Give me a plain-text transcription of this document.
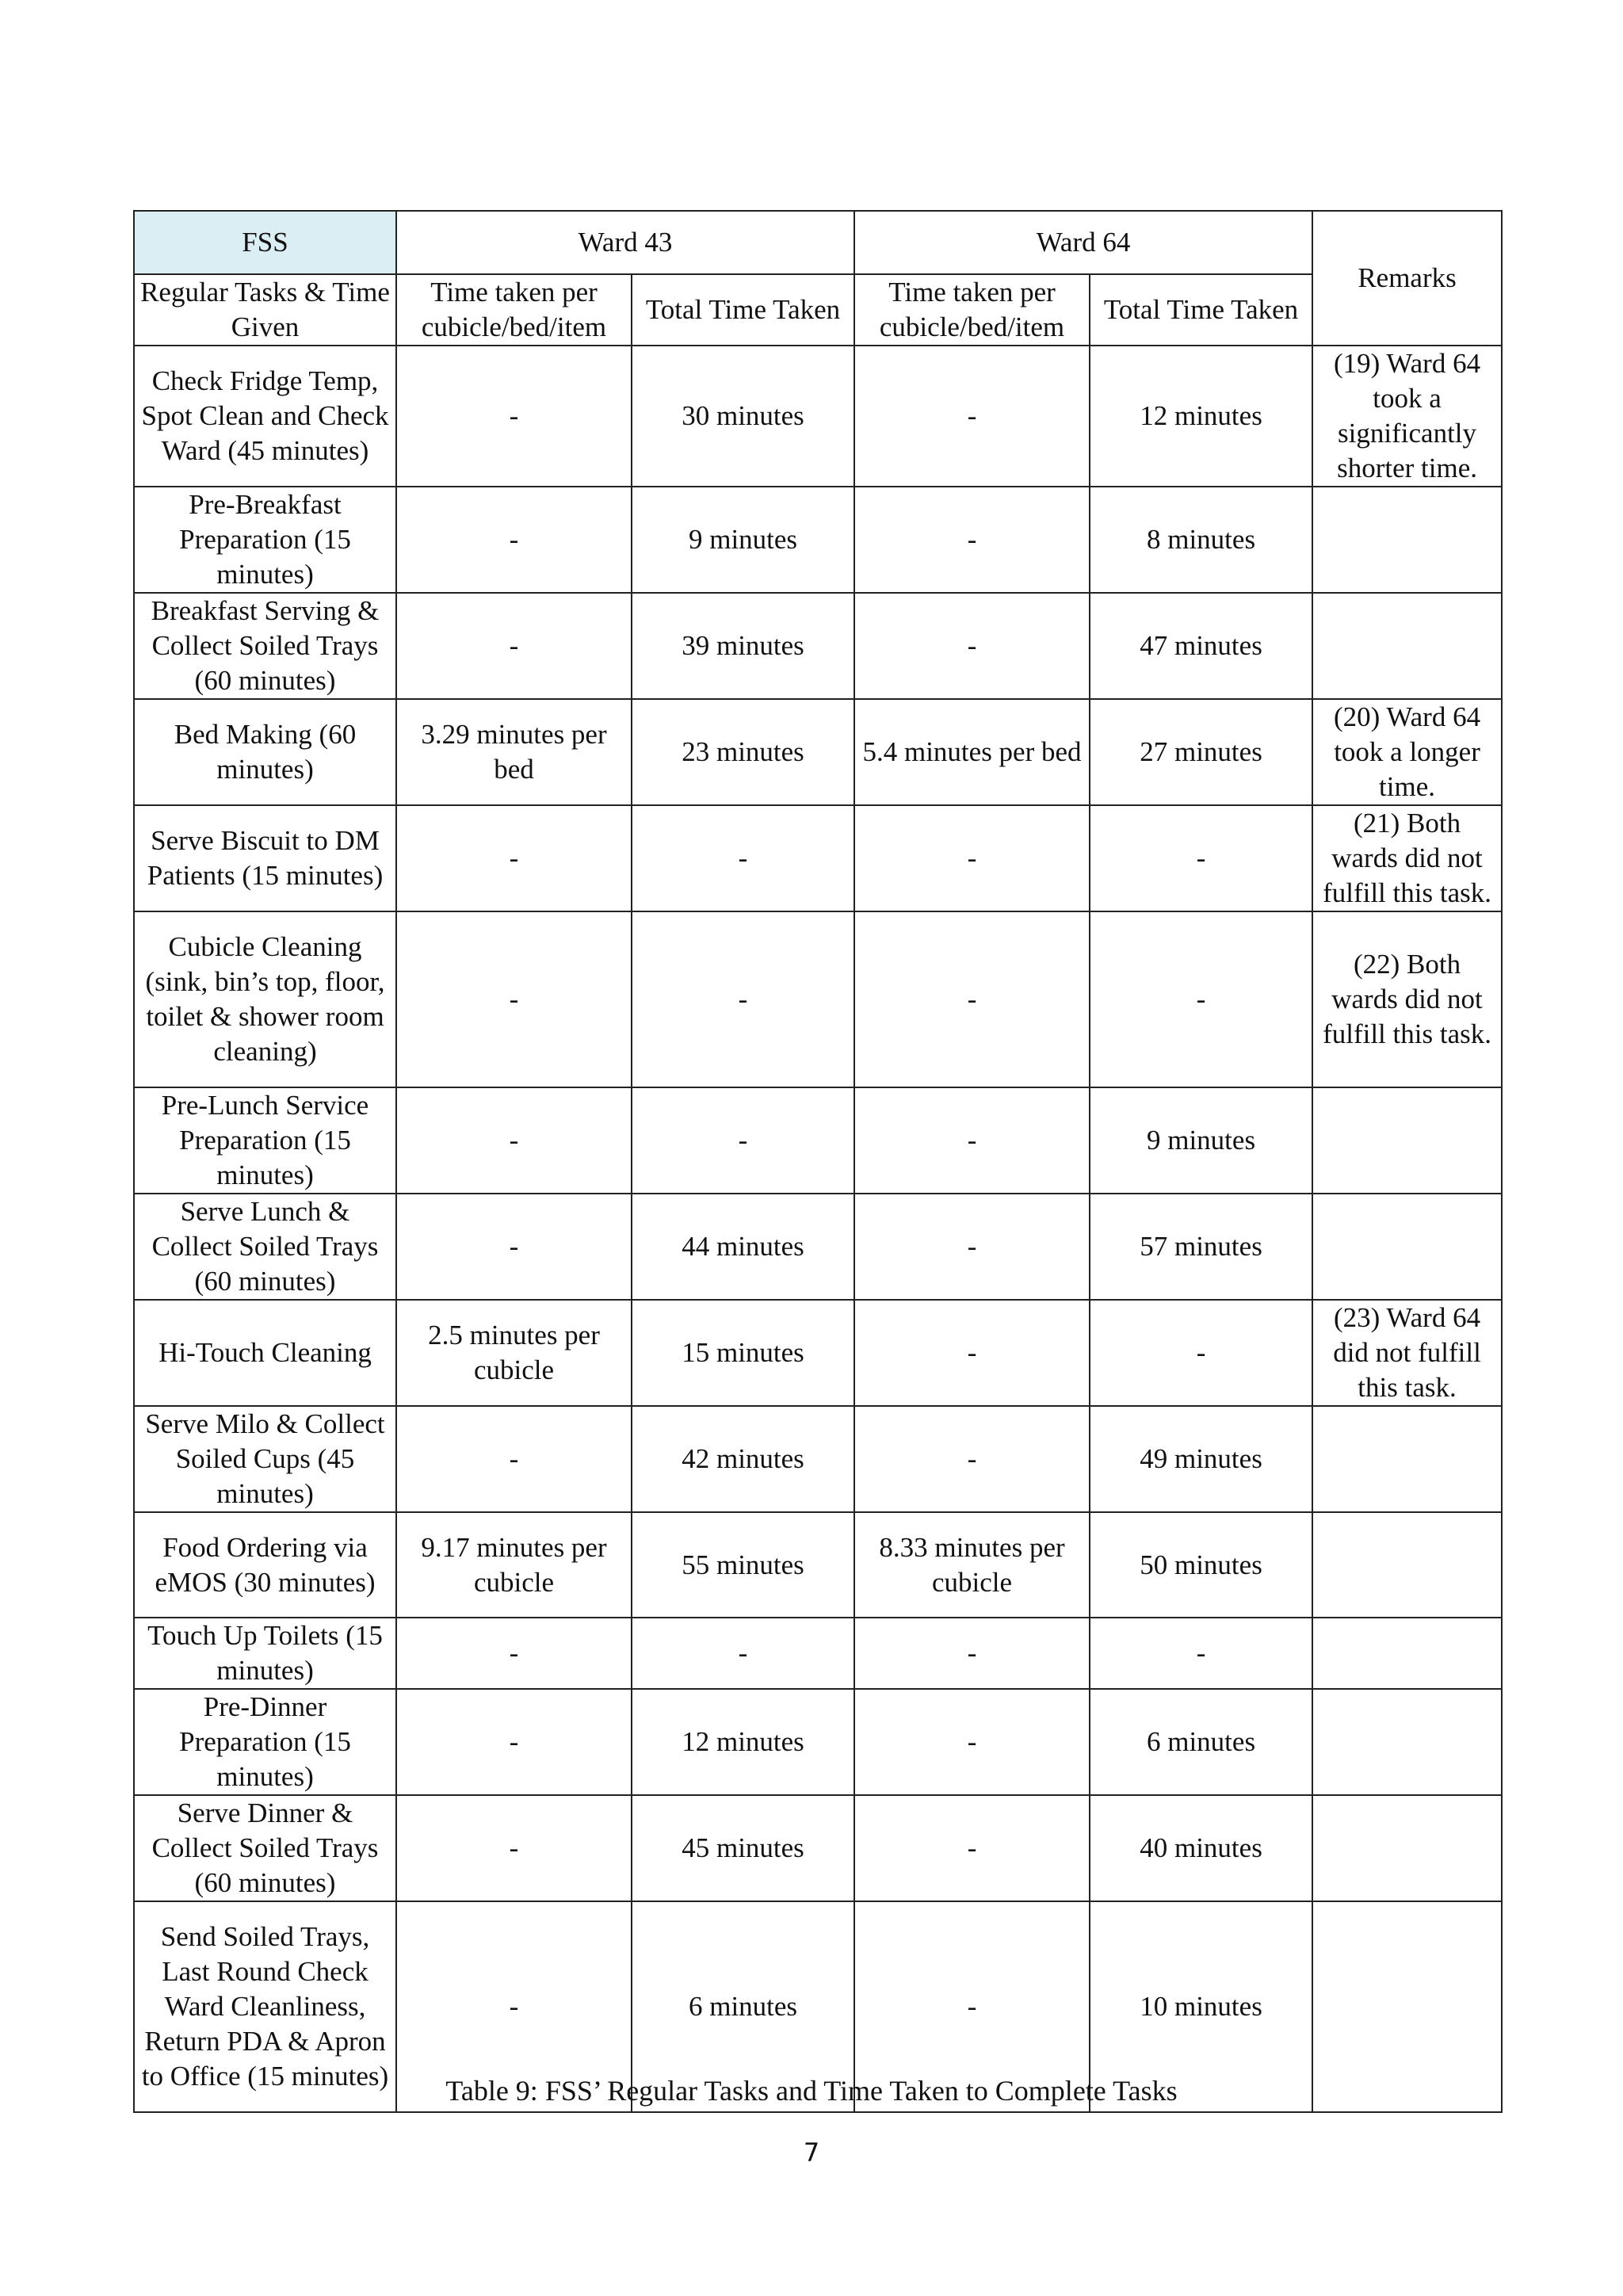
FSS	Ward 43		Ward 64		Remarks
Regular Tasks & Time Given	Time taken per cubicle/bed/item	Total Time Taken	Time taken per cubicle/bed/item	Total Time Taken	
Check Fridge Temp, Spot Clean and Check Ward (45 minutes)	-	30 minutes	-	12 minutes	(19) Ward 64 took a significantly shorter time.
Pre-Breakfast Preparation (15 minutes)	-	9 minutes	-	8 minutes	
Breakfast Serving & Collect Soiled Trays (60 minutes)	-	39 minutes	-	47 minutes	
Bed Making (60 minutes)	3.29 minutes per bed	23 minutes	5.4 minutes per bed	27 minutes	(20) Ward 64 took a longer time.
Serve Biscuit to DM Patients (15 minutes)	-	-	-	-	(21) Both wards did not fulfill this task.
Cubicle Cleaning (sink, bin’s top, floor, toilet & shower room cleaning)	-	-	-	-	(22) Both wards did not fulfill this task.
Pre-Lunch Service Preparation (15 minutes)	-	-	-	9 minutes	
Serve Lunch & Collect Soiled Trays (60 minutes)	-	44 minutes	-	57 minutes	
Hi-Touch Cleaning	2.5 minutes per cubicle	15 minutes	-	-	(23) Ward 64 did not fulfill this task.
Serve Milo & Collect Soiled Cups (45 minutes)	-	42 minutes	-	49 minutes	
Food Ordering via eMOS (30 minutes)	9.17 minutes per cubicle	55 minutes	8.33 minutes per cubicle	50 minutes	
Touch Up Toilets (15 minutes)	-	-	-	-	
Pre-Dinner Preparation (15 minutes)	-	12 minutes	-	6 minutes	
Serve Dinner & Collect Soiled Trays (60 minutes)	-	45 minutes	-	40 minutes	
Send Soiled Trays, Last Round Check Ward Cleanliness, Return PDA & Apron to Office (15 minutes)	-	6 minutes	-	10 minutes	
Table 9: FSS’ Regular Tasks and Time Taken to Complete Tasks
7
